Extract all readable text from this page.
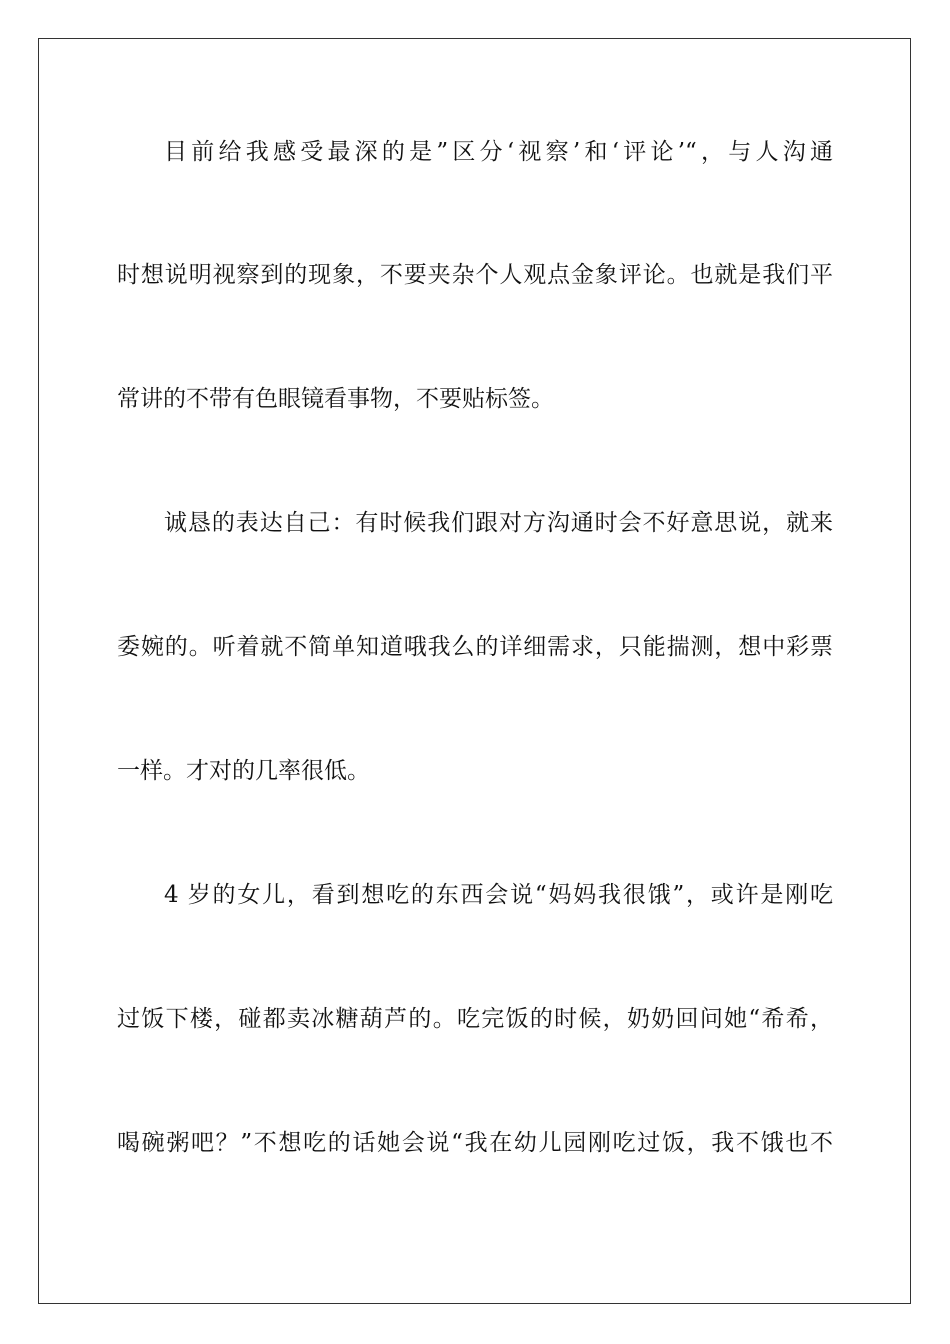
目前给我感受最深的是”区分‘视察’和‘评论’“，与人沟通
时想说明视察到的现象，不要夹杂个人观点金象评论。也就是我们平
常讲的不带有色眼镜看事物，不要贴标签。
诚恳的表达自己：有时候我们跟对方沟通时会不好意思说，就来
委婉的。听着就不简单知道哦我么的详细需求，只能揣测，想中彩票
一样。才对的几率很低。
4 岁的女儿，看到想吃的东西会说“妈妈我很饿”，或许是刚吃
过饭下楼，碰都卖冰糖葫芦的。吃完饭的时候，奶奶回问她“希希，
喝碗粥吧？”不想吃的话她会说“我在幼儿园刚吃过饭，我不饿也不
